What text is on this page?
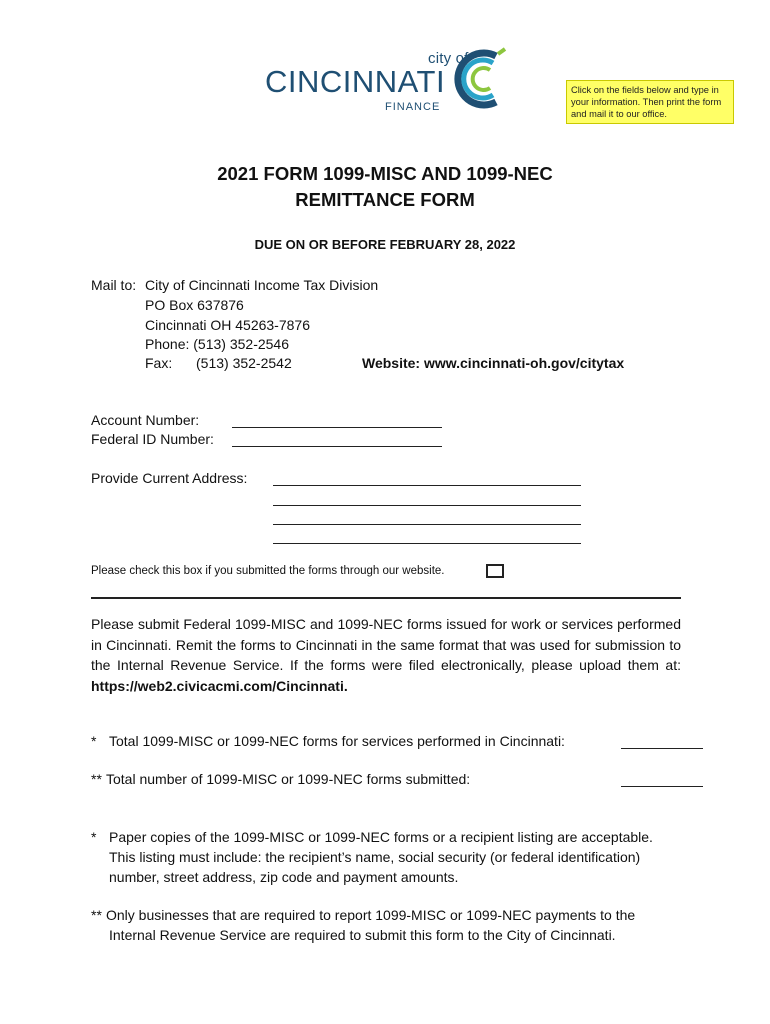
city of
CINCINNATI
FINANCE
Click on the fields below and type in your information. Then print the form and mail it to our office.
2021 FORM 1099-MISC AND 1099-NEC
REMITTANCE FORM
DUE ON OR BEFORE FEBRUARY 28, 2022
Mail to: City of Cincinnati Income Tax Division
PO Box 637876
Cincinnati OH 45263-7876
Phone: (513) 352-2546
Fax: (513) 352-2542	Website: www.cincinnati-oh.gov/citytax
Account Number:
Federal ID Number:
Provide Current Address:
Please check this box if you submitted the forms through our website.
Please submit Federal 1099-MISC and 1099-NEC forms issued for work or services performed in Cincinnati. Remit the forms to Cincinnati in the same format that was used for submission to the Internal Revenue Service. If the forms were filed electronically, please upload them at: https://web2.civicacmi.com/Cincinnati.
* Total 1099-MISC or 1099-NEC forms for services performed in Cincinnati:
** Total number of 1099-MISC or 1099-NEC forms submitted:
* Paper copies of the 1099-MISC or 1099-NEC forms or a recipient listing are acceptable.
This listing must include: the recipient’s name, social security (or federal identification)
number, street address, zip code and payment amounts.
** Only businesses that are required to report 1099-MISC or 1099-NEC payments to the
Internal Revenue Service are required to submit this form to the City of Cincinnati.
